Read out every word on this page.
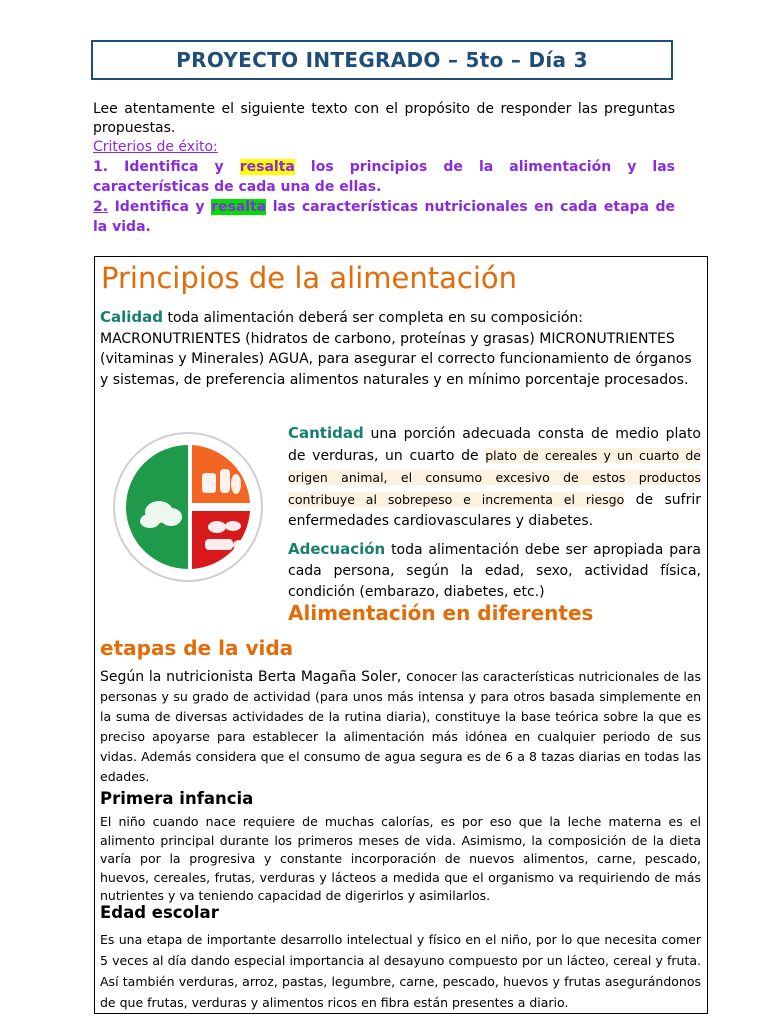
PROYECTO INTEGRADO – 5to – Día 3
Lee atentamente el siguiente texto con el propósito de responder las preguntas propuestas.
Criterios de éxito:
1. Identifica y resalta los principios de la alimentación y las características de cada una de ellas.
2. Identifica y resalta las características nutricionales en cada etapa de la vida.
Principios de la alimentación
Calidad toda alimentación deberá ser completa en su composición: MACRONUTRIENTES (hidratos de carbono, proteínas y grasas) MICRONUTRIENTES (vitaminas y Minerales) AGUA, para asegurar el correcto funcionamiento de órganos y sistemas, de preferencia alimentos naturales y en mínimo porcentaje procesados.
Cantidad una porción adecuada consta de medio plato de verduras, un cuarto de plato de cereales y un cuarto de origen animal, el consumo excesivo de estos productos contribuye al sobrepeso e incrementa el riesgo de sufrir enfermedades cardiovasculares y diabetes.
Adecuación toda alimentación debe ser apropiada para cada persona, según la edad, sexo, actividad física, condición (embarazo, diabetes, etc.)
Alimentación en diferentes
etapas de la vida
Según la nutricionista Berta Magaña Soler, conocer las características nutricionales de las personas y su grado de actividad (para unos más intensa y para otros basada simplemente en la suma de diversas actividades de la rutina diaria), constituye la base teórica sobre la que es preciso apoyarse para establecer la alimentación más idónea en cualquier periodo de sus vidas. Además considera que el consumo de agua segura es de 6 a 8 tazas diarias en todas las edades.
Primera infancia
El niño cuando nace requiere de muchas calorías, es por eso que la leche materna es el alimento principal durante los primeros meses de vida. Asimismo, la composición de la dieta varía por la progresiva y constante incorporación de nuevos alimentos, carne, pescado, huevos, cereales, frutas, verduras y lácteos a medida que el organismo va requiriendo de más nutrientes y va teniendo capacidad de digerirlos y asimilarlos.
Edad escolar
Es una etapa de importante desarrollo intelectual y físico en el niño, por lo que necesita comer 5 veces al día dando especial importancia al desayuno compuesto por un lácteo, cereal y fruta. Así también verduras, arroz, pastas, legumbre, carne, pescado, huevos y frutas asegurándonos de que frutas, verduras y alimentos ricos en fibra están presentes a diario.
